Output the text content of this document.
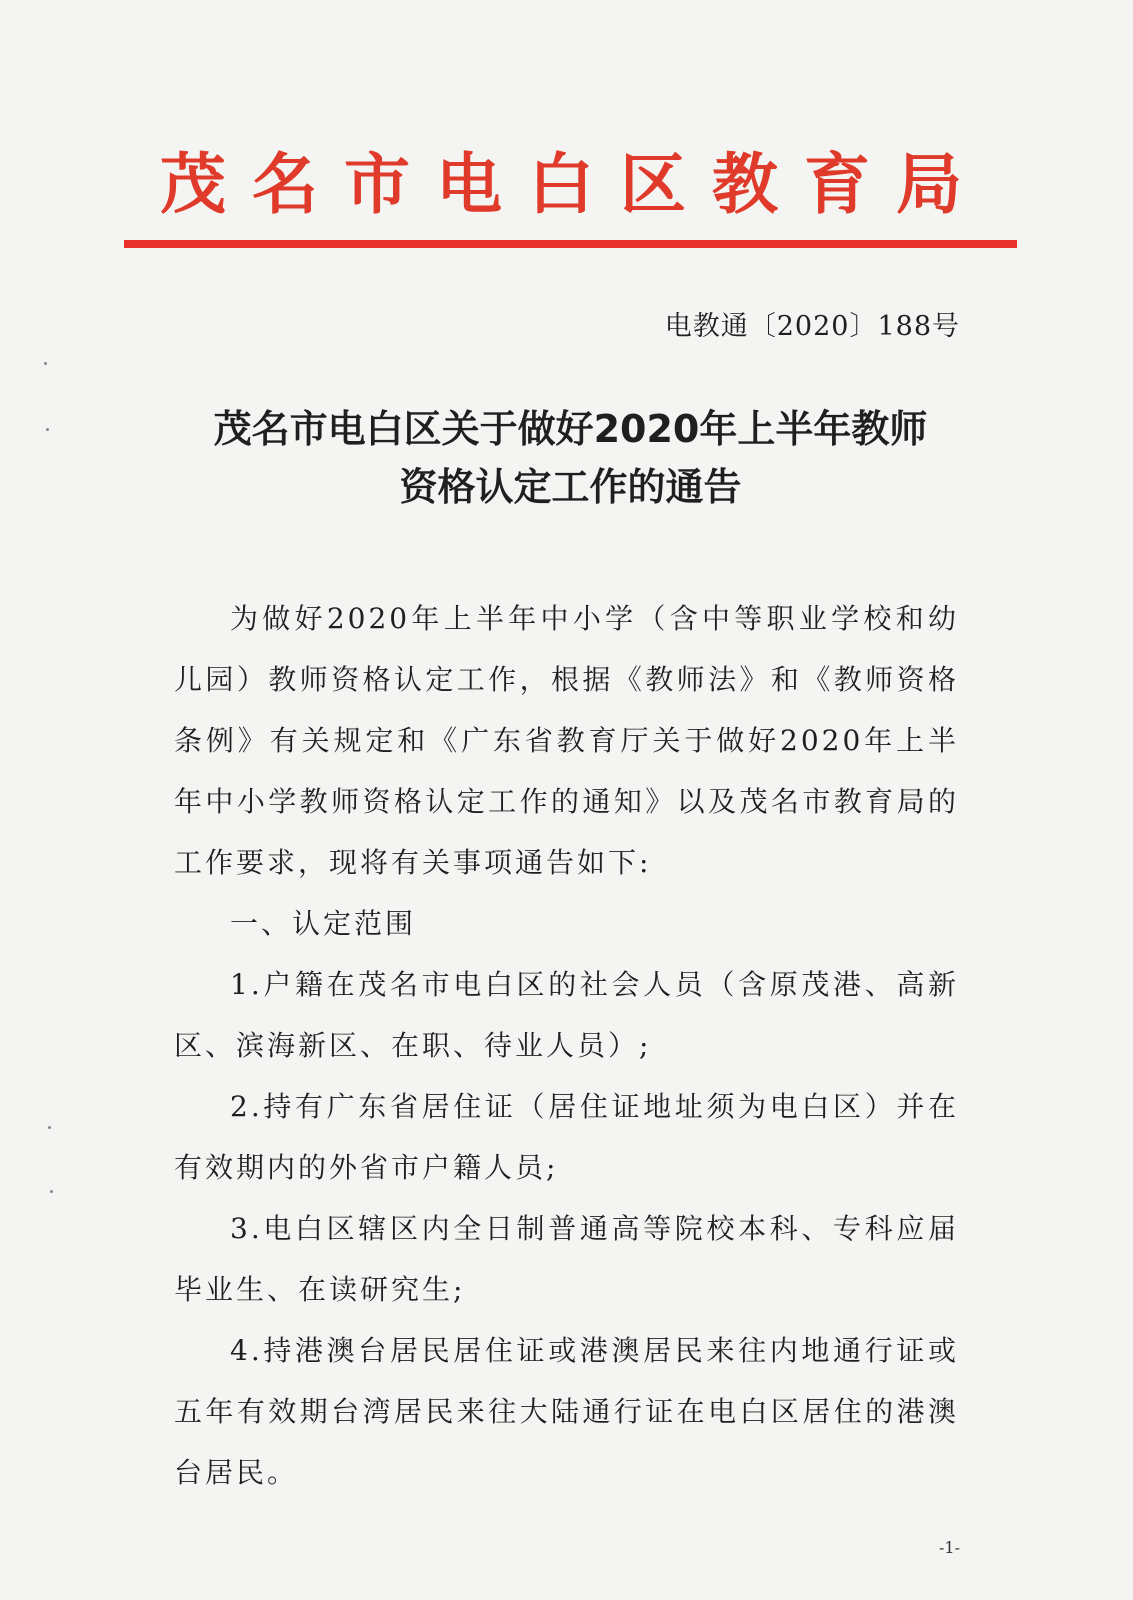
茂名市电白区教育局
电教通〔2020〕188号
茂名市电白区关于做好2020年上半年教师
资格认定工作的通告

为做好2020年上半年中小学（含中等职业学校和幼儿园）教师资格认定工作，根据《教师法》和《教师资格条例》有关规定和《广东省教育厅关于做好2020年上半年中小学教师资格认定工作的通知》以及茂名市教育局的工作要求，现将有关事项通告如下:

一、认定范围

1.户籍在茂名市电白区的社会人员（含原茂港、高新区、滨海新区、在职、待业人员）;

2.持有广东省居住证（居住证地址须为电白区）并在有效期内的外省市户籍人员;

3.电白区辖区内全日制普通高等院校本科、专科应届毕业生、在读研究生;

4.持港澳台居民居住证或港澳居民来往内地通行证或五年有效期台湾居民来往大陆通行证在电白区居住的港澳台居民。

-1-
